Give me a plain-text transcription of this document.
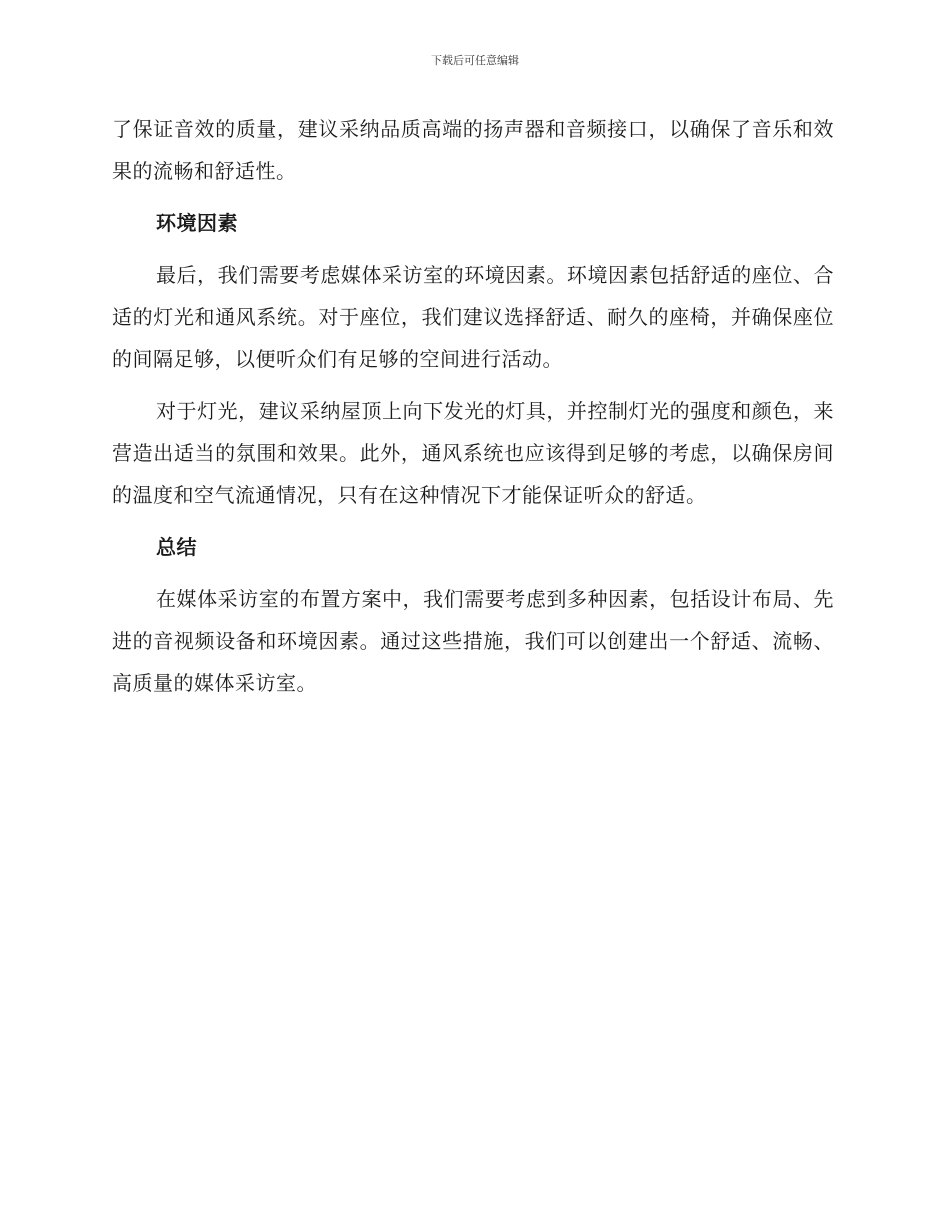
下载后可任意编辑

了保证音效的质量，建议采纳品质高端的扬声器和音频接口，以确保了音乐和效果的流畅和舒适性。

环境因素

最后，我们需要考虑媒体采访室的环境因素。环境因素包括舒适的座位、合适的灯光和通风系统。对于座位，我们建议选择舒适、耐久的座椅，并确保座位的间隔足够，以便听众们有足够的空间进行活动。

对于灯光，建议采纳屋顶上向下发光的灯具，并控制灯光的强度和颜色，来营造出适当的氛围和效果。此外，通风系统也应该得到足够的考虑，以确保房间的温度和空气流通情况，只有在这种情况下才能保证听众的舒适。

总结

在媒体采访室的布置方案中，我们需要考虑到多种因素，包括设计布局、先进的音视频设备和环境因素。通过这些措施，我们可以创建出一个舒适、流畅、高质量的媒体采访室。
